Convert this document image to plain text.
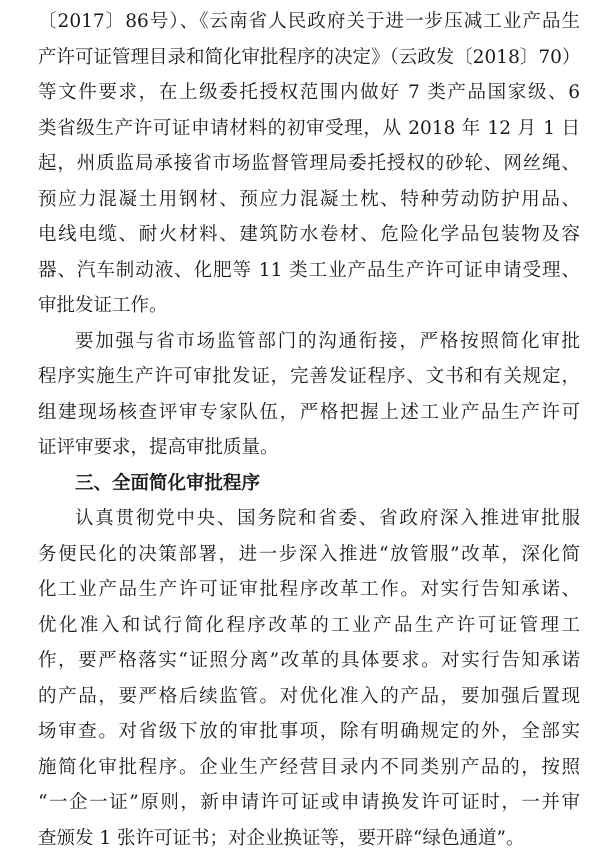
〔2017〕86号）、《云南省人民政府关于进一步压减工业产品生
产许可证管理目录和简化审批程序的决定》（云政发〔2018〕70）
等文件要求，在上级委托授权范围内做好 7 类产品国家级、6
类省级生产许可证申请材料的初审受理，从 2018 年 12 月 1 日
起，州质监局承接省市场监督管理局委托授权的砂轮、网丝绳、
预应力混凝土用钢材、预应力混凝土枕、特种劳动防护用品、
电线电缆、耐火材料、建筑防水卷材、危险化学品包装物及容
器、汽车制动液、化肥等 11 类工业产品生产许可证申请受理、
审批发证工作。
要加强与省市场监管部门的沟通衔接，严格按照简化审批
程序实施生产许可审批发证，完善发证程序、文书和有关规定，
组建现场核查评审专家队伍，严格把握上述工业产品生产许可
证评审要求，提高审批质量。
三、全面简化审批程序
认真贯彻党中央、国务院和省委、省政府深入推进审批服
务便民化的决策部署，进一步深入推进“放管服”改革，深化简
化工业产品生产许可证审批程序改革工作。对实行告知承诺、
优化准入和试行简化程序改革的工业产品生产许可证管理工
作，要严格落实“证照分离”改革的具体要求。对实行告知承诺
的产品，要严格后续监管。对优化准入的产品，要加强后置现
场审查。对省级下放的审批事项，除有明确规定的外，全部实
施简化审批程序。企业生产经营目录内不同类别产品的，按照
“一企一证”原则，新申请许可证或申请换发许可证时，一并审
查颁发 1 张许可证书；对企业换证等，要开辟“绿色通道”。
